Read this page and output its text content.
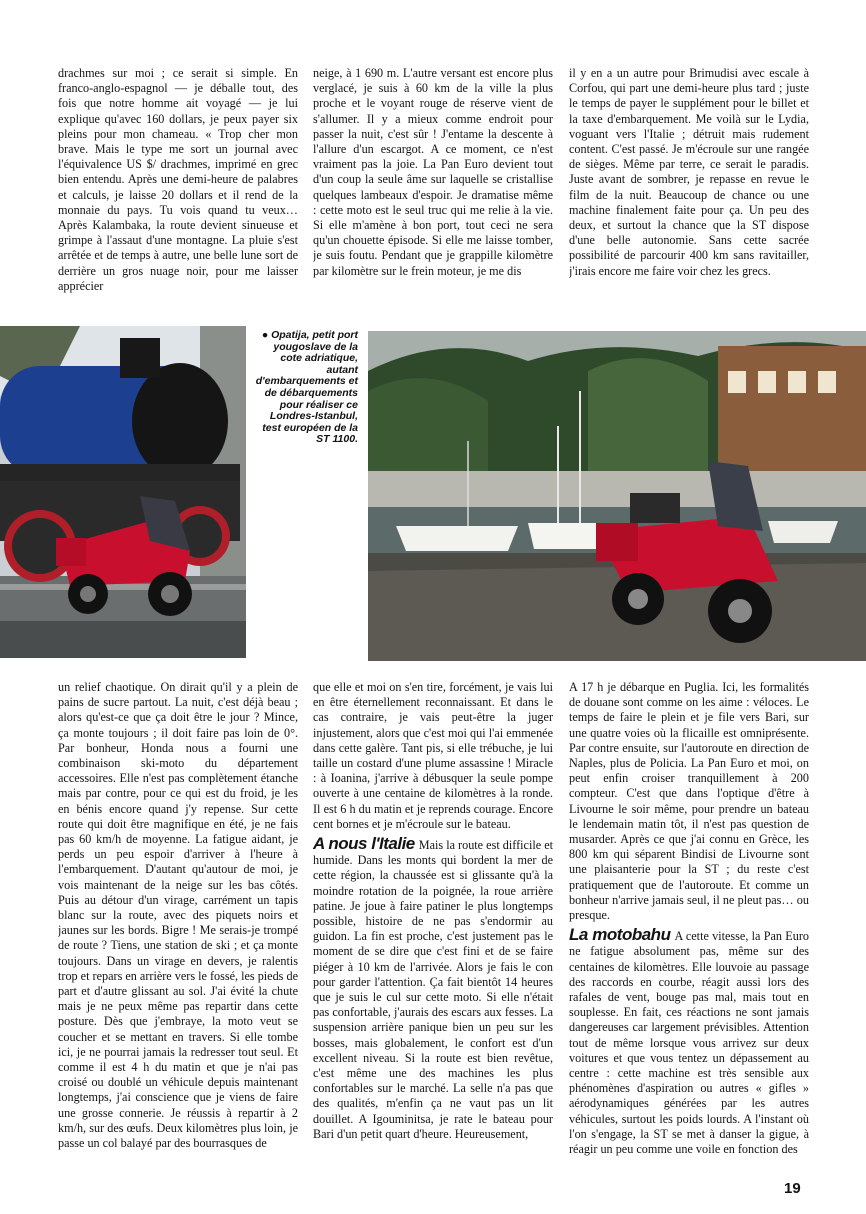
drachmes sur moi ; ce serait si simple. En franco-anglo-espagnol — je déballe tout, des fois que notre homme ait voyagé — je lui explique qu'avec 160 dollars, je peux payer six pleins pour mon chameau. « Trop cher mon brave. Mais le type me sort un journal avec l'équivalence US $/ drachmes, imprimé en grec bien entendu. Après une demi-heure de palabres et calculs, je laisse 20 dollars et il rend de la monnaie du pays. Tu vois quand tu veux… Après Kalambaka, la route devient sinueuse et grimpe à l'assaut d'une montagne. La pluie s'est arrêtée et de temps à autre, une belle lune sort de derrière un gros nuage noir, pour me laisser apprécier

neige, à 1 690 m. L'autre versant est encore plus verglacé, je suis à 60 km de la ville la plus proche et le voyant rouge de réserve vient de s'allumer. Il y a mieux comme endroit pour passer la nuit, c'est sûr ! J'entame la descente à l'allure d'un escargot. A ce moment, ce n'est vraiment pas la joie. La Pan Euro devient tout d'un coup la seule âme sur laquelle se cristallise quelques lambeaux d'espoir. Je dramatise même : cette moto est le seul truc qui me relie à la vie. Si elle m'amène à bon port, tout ceci ne sera qu'un chouette épisode. Si elle me laisse tomber, je suis foutu. Pendant que je grappille kilomètre par kilomètre sur le frein moteur, je me dis

il y en a un autre pour Brimudisi avec escale à Corfou, qui part une demi-heure plus tard ; juste le temps de payer le supplément pour le billet et la taxe d'embarquement. Me voilà sur le Lydia, voguant vers l'Italie ; détruit mais rudement content. C'est passé. Je m'écroule sur une rangée de sièges. Même par terre, ce serait le paradis. Juste avant de sombrer, je repasse en revue le film de la nuit. Beaucoup de chance ou une machine finalement faite pour ça. Un peu des deux, et surtout la chance que la ST dispose d'une belle autonomie. Sans cette sacrée possibilité de parcourir 400 km sans ravitailler, j'irais encore me faire voir chez les grecs.

● Opatija, petit port yougoslave de la cote adriatique, autant d'embarquements et de débarquements pour réaliser ce Londres-Istanbul, test européen de la ST 1100.

un relief chaotique. On dirait qu'il y a plein de pains de sucre partout. La nuit, c'est déjà beau ; alors qu'est-ce que ça doit être le jour ? Mince, ça monte toujours ; il doit faire pas loin de 0°. Par bonheur, Honda nous a fourni une combinaison ski-moto du département accessoires. Elle n'est pas complètement étanche mais par contre, pour ce qui est du froid, je les en bénis encore quand j'y repense. Sur cette route qui doit être magnifique en été, je ne fais pas 60 km/h de moyenne. La fatigue aidant, je perds un peu espoir d'arriver à l'heure à l'embarquement. D'autant qu'autour de moi, je vois maintenant de la neige sur les bas côtés. Puis au détour d'un virage, carrément un tapis blanc sur la route, avec des piquets noirs et jaunes sur les bords. Bigre ! Me serais-je trompé de route ? Tiens, une station de ski ; et ça monte toujours. Dans un virage en devers, je ralentis trop et repars en arrière vers le fossé, les pieds de part et d'autre glissant au sol. J'ai évité la chute mais je ne peux même pas repartir dans cette posture. Dès que j'embraye, la moto veut se coucher et se mettant en travers. Si elle tombe ici, je ne pourrai jamais la redresser tout seul. Et comme il est 4 h du matin et que je n'ai pas croisé ou doublé un véhicule depuis maintenant longtemps, j'ai conscience que je viens de faire une grosse connerie. Je réussis à repartir à 2 km/h, sur des œufs. Deux kilomètres plus loin, je passe un col balayé par des bourrasques de

que elle et moi on s'en tire, forcément, je vais lui en être éternellement reconnaissant. Et dans le cas contraire, je vais peut-être la juger injustement, alors que c'est moi qui l'ai emmenée dans cette galère. Tant pis, si elle trébuche, je lui taille un costard d'une plume assassine ! Miracle : à Ioanina, j'arrive à débusquer la seule pompe ouverte à une centaine de kilomètres à la ronde. Il est 6 h du matin et je reprends courage. Encore cent bornes et je m'écroule sur le bateau.

A nous l'Italie Mais la route est difficile et humide. Dans les monts qui bordent la mer de cette région, la chaussée est si glissante qu'à la moindre rotation de la poignée, la roue arrière patine. Je joue à faire patiner le plus longtemps possible, histoire de ne pas s'endormir au guidon. La fin est proche, c'est justement pas le moment de se dire que c'est fini et de se faire piéger à 10 km de l'arrivée. Alors je fais le con pour garder l'attention. Ça fait bientôt 14 heures que je suis le cul sur cette moto. Si elle n'était pas confortable, j'aurais des escars aux fesses. La suspension arrière panique bien un peu sur les bosses, mais globalement, le confort est d'un excellent niveau. Si la route est bien revêtue, c'est même une des machines les plus confortables sur le marché. La selle n'a pas que des qualités, m'enfin ça ne vaut pas un lit douillet. A Igouminitsa, je rate le bateau pour Bari d'un petit quart d'heure. Heureusement,

A 17 h je débarque en Puglia. Ici, les formalités de douane sont comme on les aime : véloces. Le temps de faire le plein et je file vers Bari, sur une quatre voies où la flicaille est omniprésente. Par contre ensuite, sur l'autoroute en direction de Naples, plus de Policia. La Pan Euro et moi, on peut enfin croiser tranquillement à 200 compteur. C'est que dans l'optique d'être à Livourne le soir même, pour prendre un bateau le lendemain matin tôt, il n'est pas question de musarder. Après ce que j'ai connu en Grèce, les 800 km qui séparent Bindisi de Livourne sont une plaisanterie pour la ST ; du reste c'est pratiquement que de l'autoroute. Et comme un bonheur n'arrive jamais seul, il ne pleut pas… ou presque.

La motobahu A cette vitesse, la Pan Euro ne fatigue absolument pas, même sur des centaines de kilomètres. Elle louvoie au passage des raccords en courbe, réagit aussi lors des rafales de vent, bouge pas mal, mais tout en souplesse. En fait, ces réactions ne sont jamais dangereuses car largement prévisibles. Attention tout de même lorsque vous arrivez sur deux voitures et que vous tentez un dépassement au centre : cette machine est très sensible aux phénomènes d'aspiration ou autres « gifles » aérodynamiques générées par les autres véhicules, surtout les poids lourds. A l'instant où l'on s'engage, la ST se met à danser la gigue, à réagir un peu comme une voile en fonction des

19
